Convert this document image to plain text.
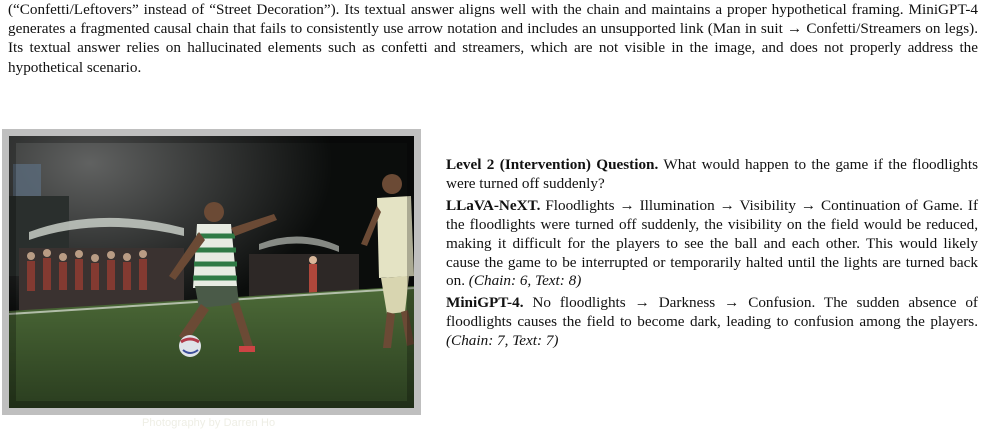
(“Confetti/Leftovers” instead of “Street Decoration”). Its textual answer aligns well with the chain and maintains a proper hypothetical framing. MiniGPT-4 generates a fragmented causal chain that fails to consistently use arrow notation and includes an unsupported link (Man in suit → Confetti/Streamers on legs). Its textual answer relies on hallucinated elements such as confetti and streamers, which are not visible in the image, and does not properly address the hypothetical scenario.

Photography by Darren Ho

Level 2 (Intervention) Question. What would happen to the game if the floodlights were turned off suddenly?

LLaVA-NeXT. Floodlights → Illumination → Visibility → Continuation of Game. If the floodlights were turned off suddenly, the visibility on the field would be reduced, making it difficult for the players to see the ball and each other. This would likely cause the game to be interrupted or temporarily halted until the lights are turned back on. (Chain: 6, Text: 8)

MiniGPT-4. No floodlights → Darkness → Confusion. The sudden absence of floodlights causes the field to become dark, leading to confusion among the players. (Chain: 7, Text: 7)
